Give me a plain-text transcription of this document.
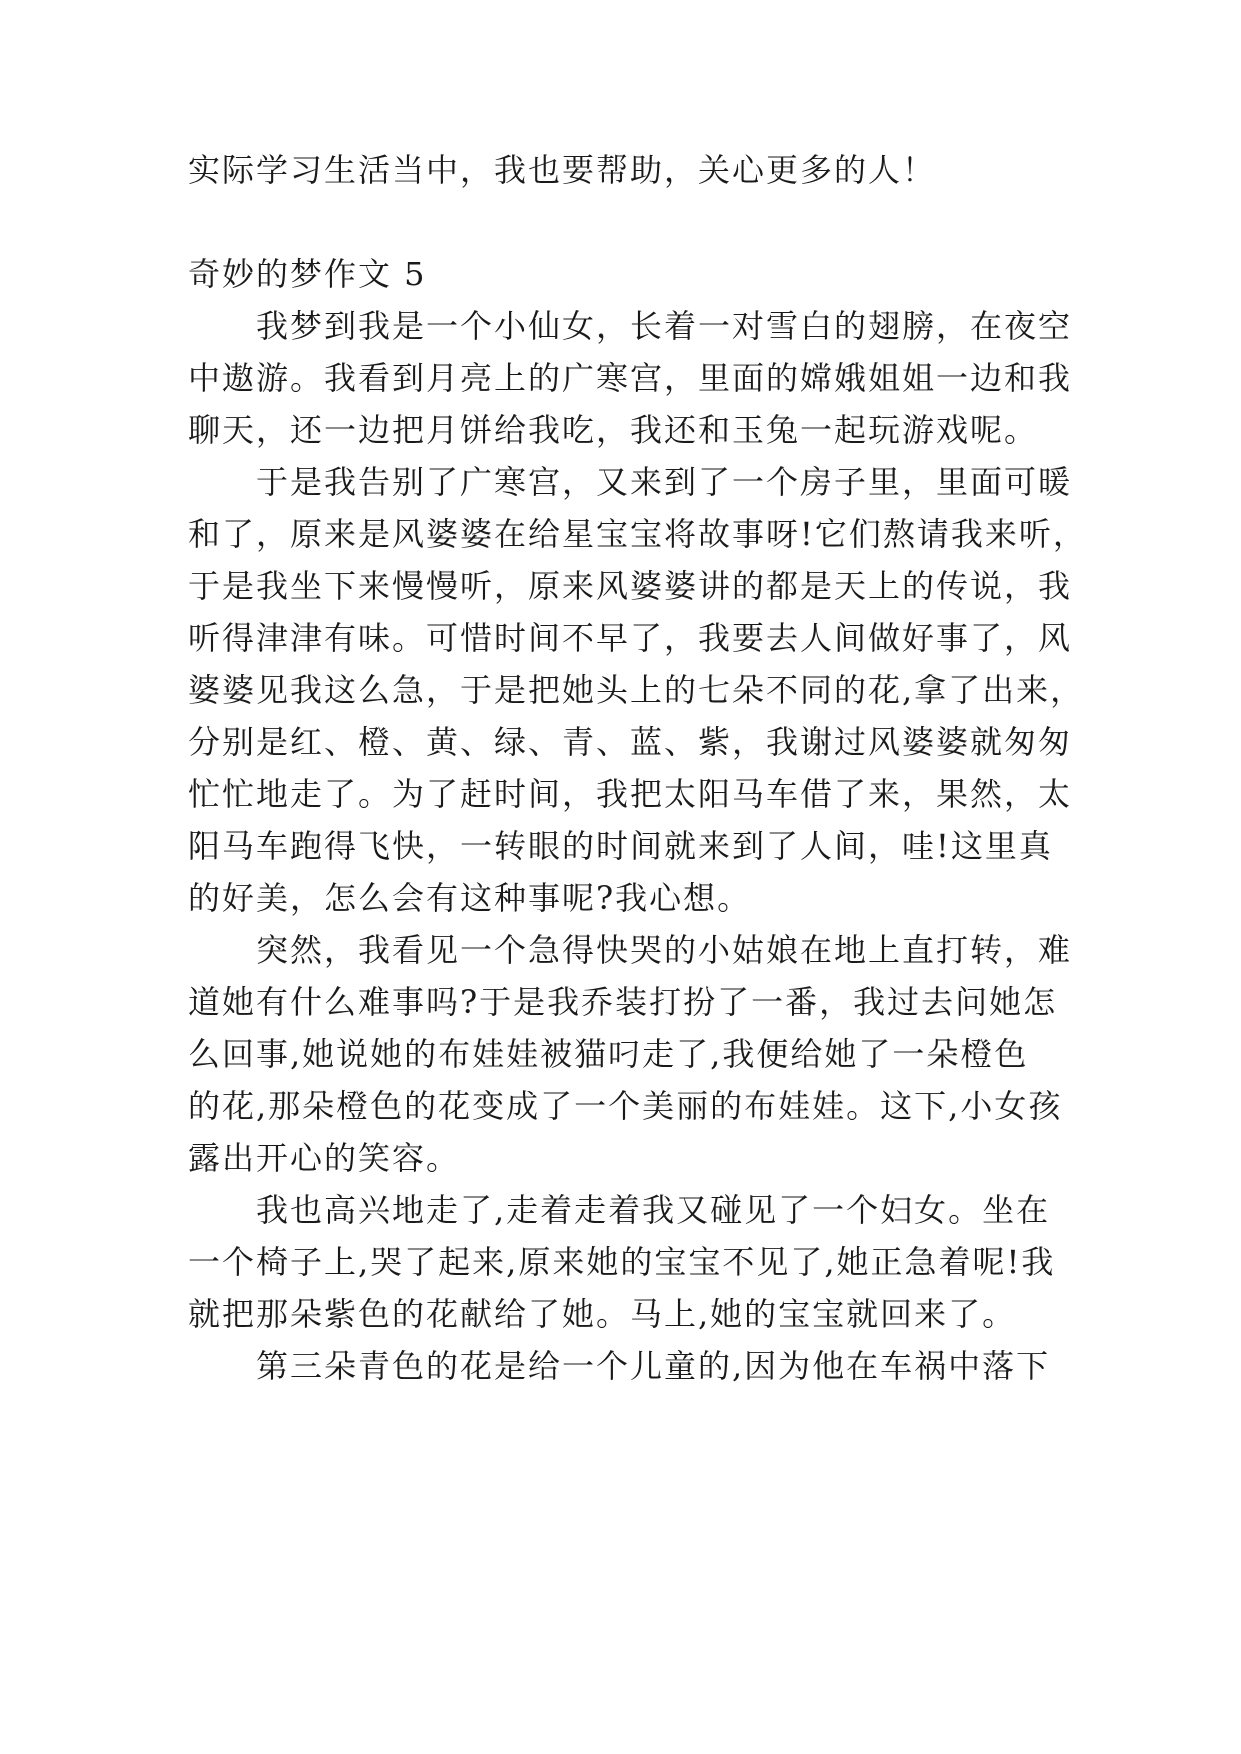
实际学习生活当中，我也要帮助，关心更多的人！
奇妙的梦作文 5
　　我梦到我是一个小仙女，长着一对雪白的翅膀，在夜空
中遨游。我看到月亮上的广寒宫，里面的嫦娥姐姐一边和我
聊天，还一边把月饼给我吃，我还和玉兔一起玩游戏呢。
　　于是我告别了广寒宫，又来到了一个房子里，里面可暖
和了，原来是风婆婆在给星宝宝将故事呀!它们熬请我来听，
于是我坐下来慢慢听，原来风婆婆讲的都是天上的传说，我
听得津津有味。可惜时间不早了，我要去人间做好事了，风
婆婆见我这么急，于是把她头上的七朵不同的花,拿了出来，
分别是红、橙、黄、绿、青、蓝、紫，我谢过风婆婆就匆匆
忙忙地走了。为了赶时间，我把太阳马车借了来，果然，太
阳马车跑得飞快，一转眼的时间就来到了人间，哇!这里真
的好美，怎么会有这种事呢?我心想。
　　突然，我看见一个急得快哭的小姑娘在地上直打转，难
道她有什么难事吗?于是我乔装打扮了一番，我过去问她怎
么回事,她说她的布娃娃被猫叼走了,我便给她了一朵橙色
的花,那朵橙色的花变成了一个美丽的布娃娃。这下,小女孩
露出开心的笑容。
　　我也高兴地走了,走着走着我又碰见了一个妇女。坐在
一个椅子上,哭了起来,原来她的宝宝不见了,她正急着呢!我
就把那朵紫色的花献给了她。马上,她的宝宝就回来了。
　　第三朵青色的花是给一个儿童的,因为他在车祸中落下
